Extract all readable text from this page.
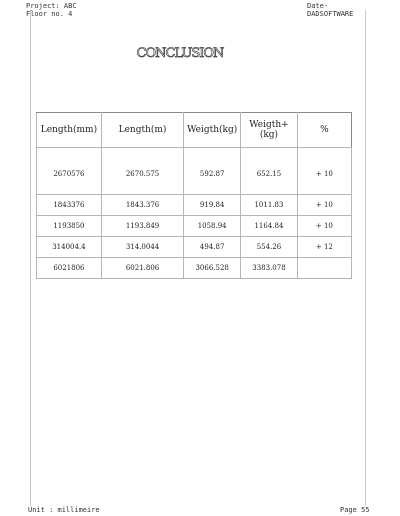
Project: ABC
Floor no. 4
Date-
DADSOFTWARE
CONCLUSION
Length(mm)	Length(m)	Weigth(kg)	Weigth+(kg)	%
2670576	2670.575	592.87	652.15	+ 10
1843376	1843.376	919.84	1011.83	+ 10
1193850	1193.849	1058.94	1164.84	+ 10
314004.4	314.0044	494.87	554.26	+ 12
6021806	6021.806	3066.528	3383.078	
Unit : millimeire	Page 55
